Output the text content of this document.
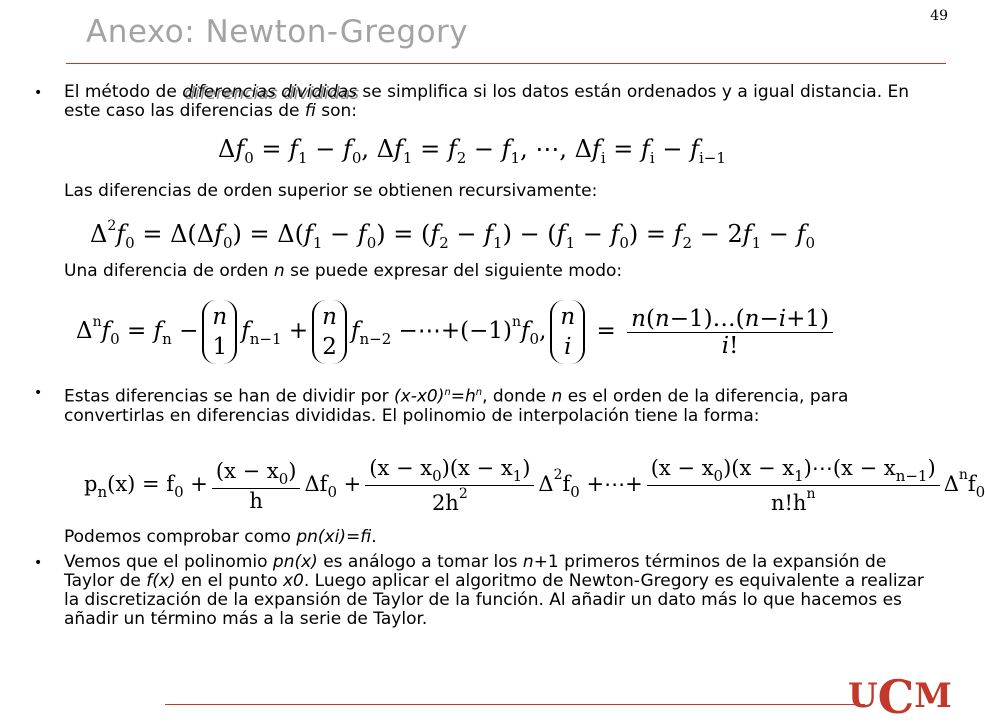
Anexo: Newton-Gregory	49
• El método de diferencias divididas se simplifica si los datos están ordenados y a igual distancia. En este caso las diferencias de fi son:
$\Delta f_0 = f_1 - f_0$, $\Delta f_1 = f_2 - f_1$, ⋯, $\Delta f_i = f_i - f_{i-1}$
Las diferencias de orden superior se obtienen recursivamente:
$\Delta^2f_0 = \Delta(\Delta f_0) = \Delta(f_1 - f_0) = (f_2 - f_1) - (f_1 - f_0) = f_2 - 2f_1 - f_0$
Una diferencia de orden n se puede expresar del siguiente modo:
$\Delta^nf_0 = f_n$ −
n
1
$f_{n-1}$ +
n
2
$f_{n-2}$ $-\cdots+(-1)^nf_0$,
n
i
= $\frac{n(n-1)\dots(n-i+1)}{i!}$
• Estas diferencias se han de dividir por $(x-x0)^n=h^n$, donde n es el orden de la diferencia, para convertirlas en diferencias divididas. El polinomio de interpolación tiene la forma:
$p_n(x) = f_0 + \frac{(x - x_0)}{h} \Delta f_0 + \frac{(x - x_0)(x - x_1)}{2h^2} \Delta^2f_0$ +⋯+ $\frac{(x - x_0)(x - x_1)\cdots(x - x_{n-1})}{n!h^n} \Delta^nf_0$
Podemos comprobar como pn(xi)=fi.
• Vemos que el polinomio pn(x) es análogo a tomar los n+1 primeros términos de la expansión de Taylor de f(x) en el punto x0. Luego aplicar el algoritmo de Newton-Gregory es equivalente a realizar la discretización de la expansión de Taylor de la función. Al añadir un dato más lo que hacemos es añadir un término más a la serie de Taylor.
UCM
